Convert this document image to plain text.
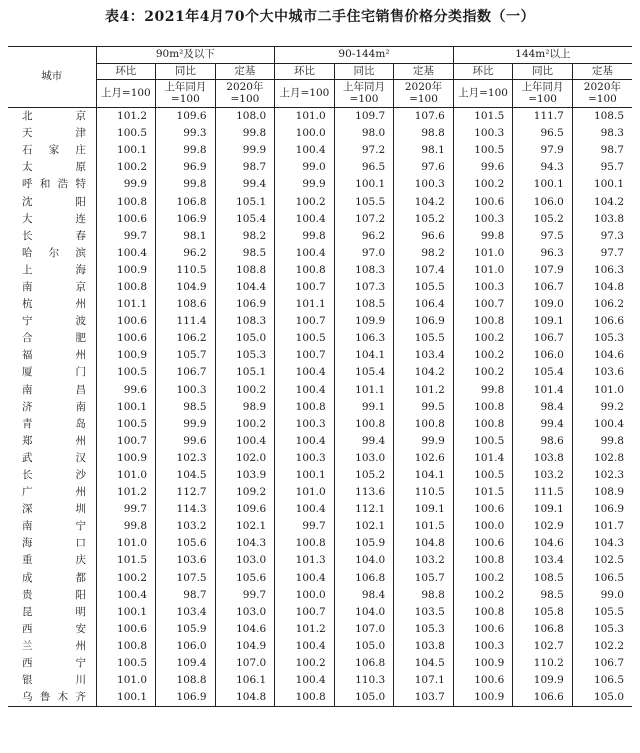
表4：2021年4月70个大中城市二手住宅销售价格分类指数（一）
城市	90m²及以下			90-144m²			144m²以上		
	环比	同比	定基	环比	同比	定基	环比	同比	定基
	上月=100	上年同月=100	2020年=100	上月=100	上年同月=100	2020年=100	上月=100	上年同月=100	2020年=100
北京	101.2	109.6	108.0	101.0	109.7	107.6	101.5	111.7	108.5
天津	100.5	99.3	99.8	100.0	98.0	98.8	100.3	96.5	98.3
石家庄	100.1	99.8	99.9	100.4	97.2	98.1	100.5	97.9	98.7
太原	100.2	96.9	98.7	99.0	96.5	97.6	99.6	94.3	95.7
呼和浩特	99.9	99.8	99.4	99.9	100.1	100.3	100.2	100.1	100.1
沈阳	100.8	106.8	105.1	100.2	105.5	104.2	100.6	106.0	104.2
大连	100.6	106.9	105.4	100.4	107.2	105.2	100.3	105.2	103.8
长春	99.7	98.1	98.2	99.8	96.2	96.6	99.8	97.5	97.3
哈尔滨	100.4	96.2	98.5	100.4	97.0	98.2	101.0	96.3	97.7
上海	100.9	110.5	108.8	100.8	108.3	107.4	101.0	107.9	106.3
南京	100.8	104.9	104.4	100.7	107.3	105.5	100.3	106.7	104.8
杭州	101.1	108.6	106.9	101.1	108.5	106.4	100.7	109.0	106.2
宁波	100.6	111.4	108.3	100.7	109.9	106.9	100.8	109.1	106.6
合肥	100.6	106.2	105.0	100.5	106.3	105.5	100.2	106.7	105.3
福州	100.9	105.7	105.3	100.7	104.1	103.4	100.2	106.0	104.6
厦门	100.5	106.7	105.1	100.4	105.4	104.2	100.2	105.4	103.6
南昌	99.6	100.3	100.2	100.4	101.1	101.2	99.8	101.4	101.0
济南	100.1	98.5	98.9	100.8	99.1	99.5	100.8	98.4	99.2
青岛	100.5	99.9	100.2	100.3	100.8	100.8	100.8	99.4	100.4
郑州	100.7	99.6	100.4	100.4	99.4	99.9	100.5	98.6	99.8
武汉	100.9	102.3	102.0	100.3	103.0	102.6	101.4	103.8	102.8
长沙	101.0	104.5	103.9	100.1	105.2	104.1	100.5	103.2	102.3
广州	101.2	112.7	109.2	101.0	113.6	110.5	101.5	111.5	108.9
深圳	99.7	114.3	109.6	100.4	112.1	109.1	100.6	109.1	106.9
南宁	99.8	103.2	102.1	99.7	102.1	101.5	100.0	102.9	101.7
海口	101.0	105.6	104.3	100.8	105.9	104.8	100.6	104.6	104.3
重庆	101.5	103.6	103.0	101.3	104.0	103.2	100.8	103.4	102.5
成都	100.2	107.5	105.6	100.4	106.8	105.7	100.2	108.5	106.5
贵阳	100.4	98.7	99.7	100.0	98.4	98.8	100.2	98.5	99.0
昆明	100.1	103.4	103.0	100.7	104.0	103.5	100.8	105.8	105.5
西安	100.6	105.9	104.6	101.2	107.0	105.3	100.6	106.8	105.3
兰州	100.8	106.0	104.9	100.4	105.0	103.8	100.3	102.7	102.2
西宁	100.5	109.4	107.0	100.2	106.8	104.5	100.9	110.2	106.7
银川	101.0	108.8	106.1	100.4	110.3	107.1	100.6	109.9	106.5
乌鲁木齐	100.1	106.9	104.8	100.8	105.0	103.7	100.9	106.6	105.0
